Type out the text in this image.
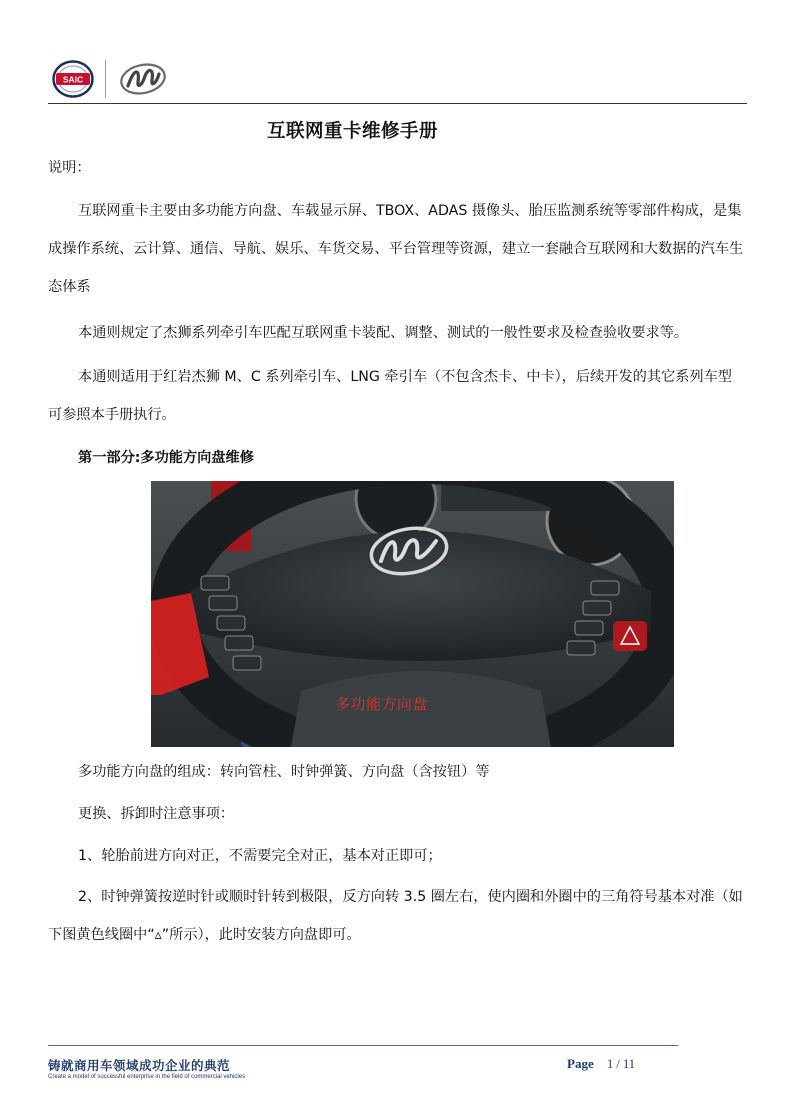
SAIC
互联网重卡维修手册
说明：
互联网重卡主要由多功能方向盘、车载显示屏、TBOX、ADAS 摄像头、胎压监测系统等零部件构成，是集成操作系统、云计算、通信、导航、娱乐、车货交易、平台管理等资源，建立一套融合互联网和大数据的汽车生态体系
本通则规定了杰狮系列牵引车匹配互联网重卡装配、调整、测试的一般性要求及检查验收要求等。
本通则适用于红岩杰狮 M、C 系列牵引车、LNG 牵引车（不包含杰卡、中卡），后续开发的其它系列车型可参照本手册执行。
第一部分:多功能方向盘维修
多功能方向盘
多功能方向盘的组成：转向管柱、时钟弹簧、方向盘（含按钮）等
更换、拆卸时注意事项：
1、轮胎前进方向对正，不需要完全对正，基本对正即可；
2、时钟弹簧按逆时针或顺时针转到极限，反方向转 3.5 圈左右，使内圈和外圈中的三角符号基本对准（如下图黄色线圈中“▵”所示），此时安装方向盘即可。
铸就商用车领域成功企业的典范
Create a model of successful enterprise in the field of commercial vehicles
Page 1 / 11
